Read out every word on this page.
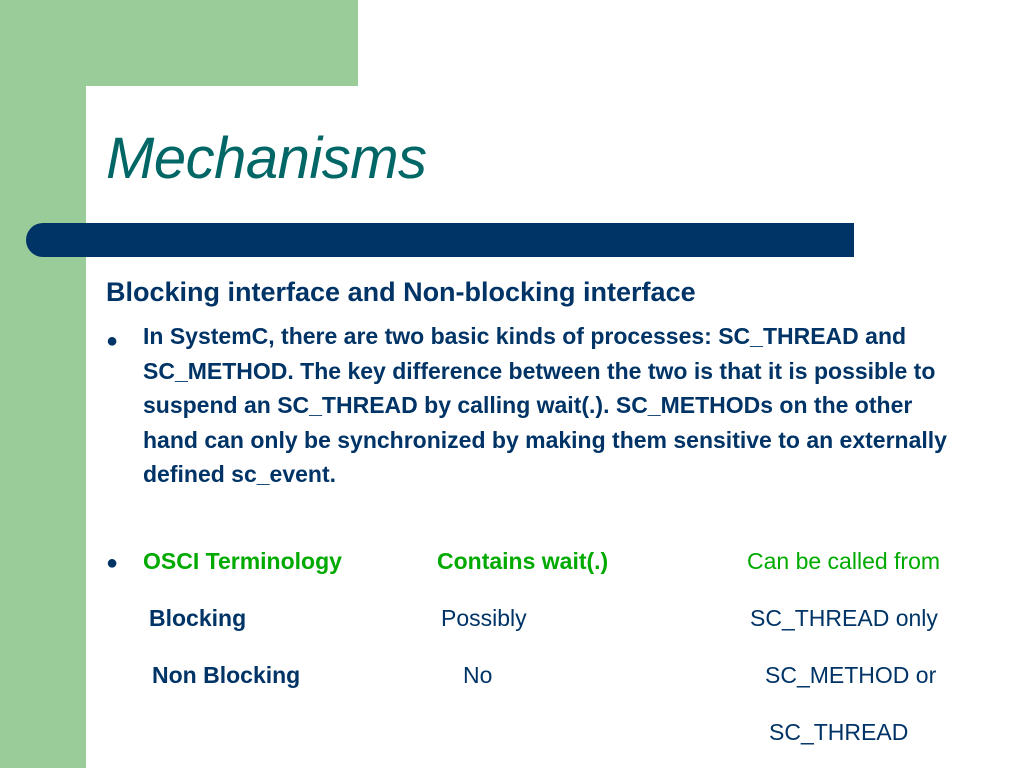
Mechanisms
Blocking interface and Non-blocking interface
● In SystemC, there are two basic kinds of processes: SC_THREAD and SC_METHOD. The key difference between the two is that it is possible to suspend an SC_THREAD by calling wait(.). SC_METHODs on the other hand can only be synchronized by making them sensitive to an externally defined sc_event.

● OSCI Terminology	Contains wait(.)	Can be called from
Blocking	Possibly	SC_THREAD only
Non Blocking	No	SC_METHOD or
SC_THREAD
